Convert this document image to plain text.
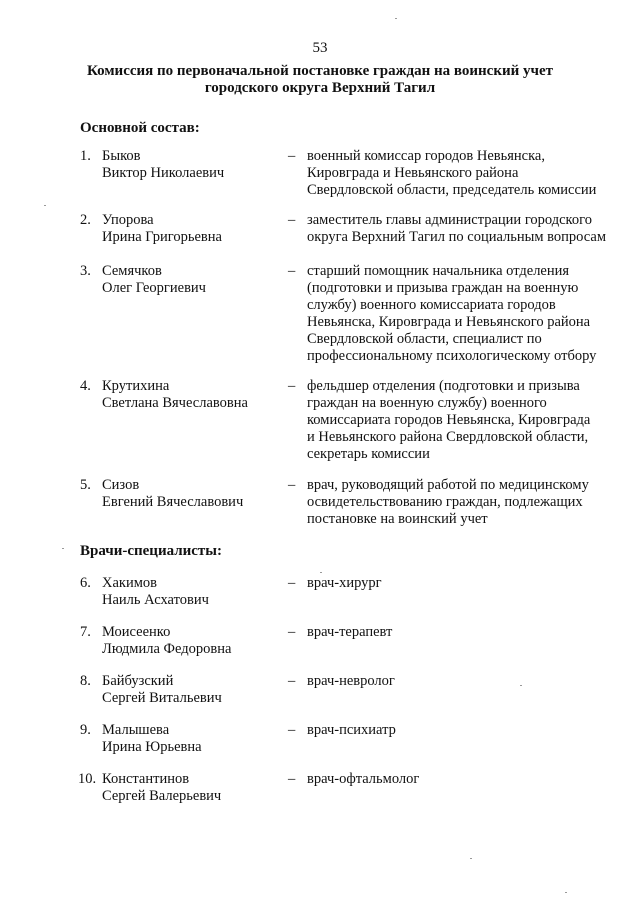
53
Комиссия по первоначальной постановке граждан на воинский учет
городского округа Верхний Тагил
Основной состав:
1. Быков
Виктор Николаевич
– военный комиссар городов Невьянска,
Кировграда и Невьянского района
Свердловской области, председатель комиссии
2. Упорова
Ирина Григорьевна
– заместитель главы администрации городского
округа Верхний Тагил по социальным вопросам
3. Семячков
Олег Георгиевич
– старший помощник начальника отделения
(подготовки и призыва граждан на военную
службу) военного комиссариата городов
Невьянска, Кировграда и Невьянского района
Свердловской области, специалист по
профессиональному психологическому отбору
4. Крутихина
Светлана Вячеславовна
– фельдшер отделения (подготовки и призыва
граждан на военную службу) военного
комиссариата городов Невьянска, Кировграда
и Невьянского района Свердловской области,
секретарь комиссии
5. Сизов
Евгений Вячеславович
– врач, руководящий работой по медицинскому
освидетельствованию граждан, подлежащих
постановке на воинский учет
Врачи-специалисты:
6. Хакимов
Наиль Асхатович
– врач-хирург
7. Моисеенко
Людмила Федоровна
– врач-терапевт
8. Байбузский
Сергей Витальевич
– врач-невролог
9. Малышева
Ирина Юрьевна
– врач-психиатр
10. Константинов
Сергей Валерьевич
– врач-офтальмолог
